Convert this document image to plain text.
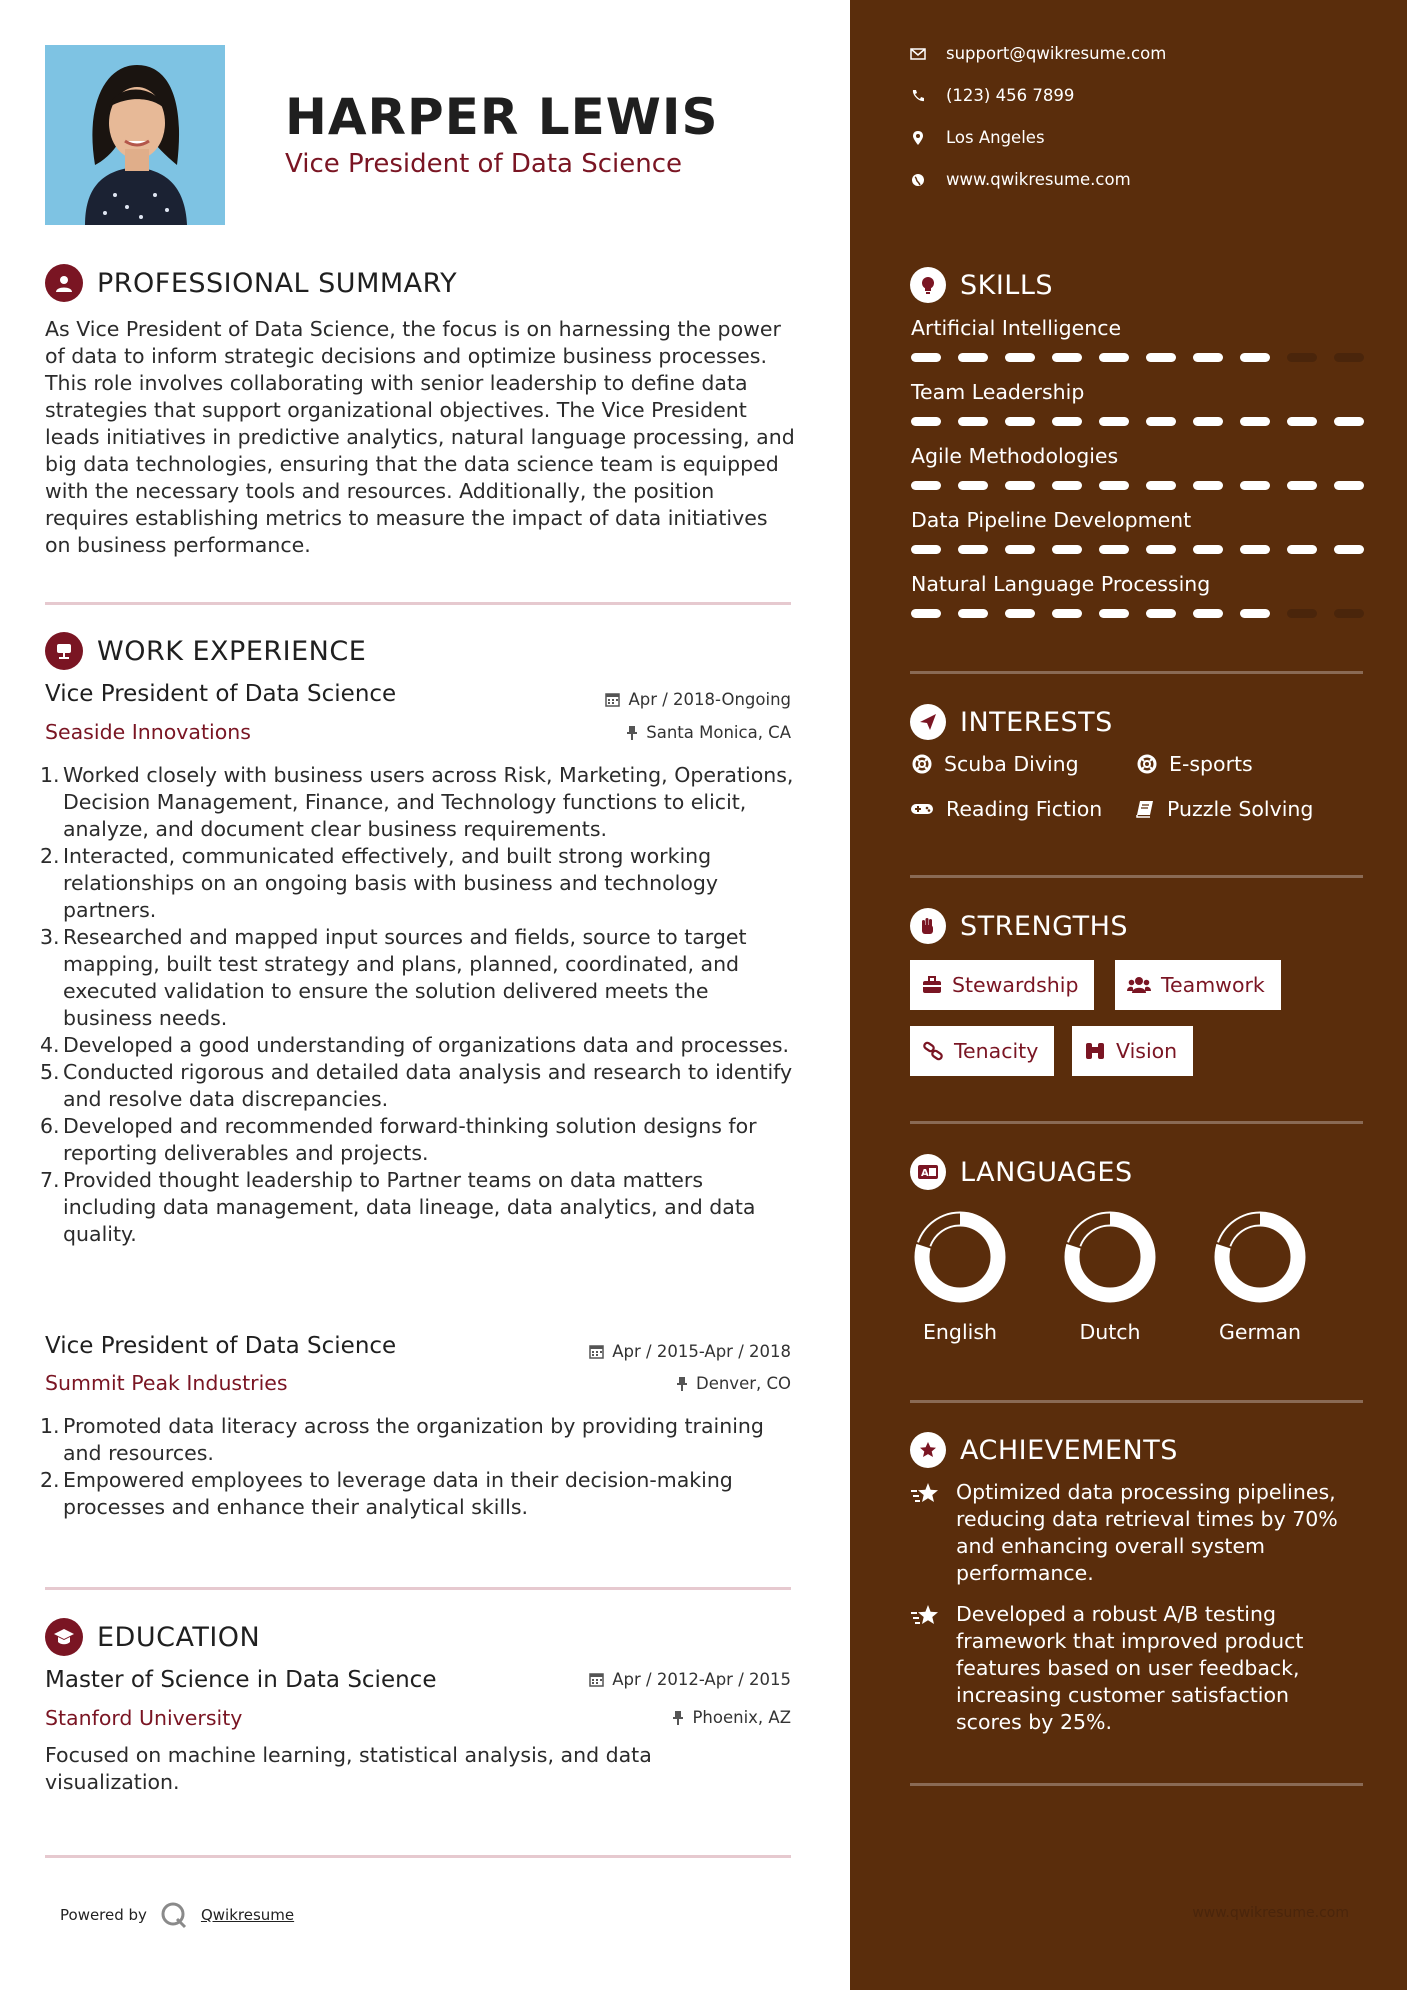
HARPER LEWIS
Vice President of Data Science
PROFESSIONAL SUMMARY
As Vice President of Data Science, the focus is on harnessing the power of data to inform strategic decisions and optimize business processes. This role involves collaborating with senior leadership to define data strategies that support organizational objectives. The Vice President leads initiatives in predictive analytics, natural language processing, and big data technologies, ensuring that the data science team is equipped with the necessary tools and resources. Additionally, the position requires establishing metrics to measure the impact of data initiatives on business performance.
WORK EXPERIENCE
Vice President of Data Science	Apr / 2018-Ongoing
Seaside Innovations	Santa Monica, CA
1. Worked closely with business users across Risk, Marketing, Operations, Decision Management, Finance, and Technology functions to elicit, analyze, and document clear business requirements.
2. Interacted, communicated effectively, and built strong working relationships on an ongoing basis with business and technology partners.
3. Researched and mapped input sources and fields, source to target mapping, built test strategy and plans, planned, coordinated, and executed validation to ensure the solution delivered meets the business needs.
4. Developed a good understanding of organizations data and processes.
5. Conducted rigorous and detailed data analysis and research to identify and resolve data discrepancies.
6. Developed and recommended forward-thinking solution designs for reporting deliverables and projects.
7. Provided thought leadership to Partner teams on data matters including data management, data lineage, data analytics, and data quality.
Vice President of Data Science	Apr / 2015-Apr / 2018
Summit Peak Industries	Denver, CO
1. Promoted data literacy across the organization by providing training and resources.
2. Empowered employees to leverage data in their decision-making processes and enhance their analytical skills.
EDUCATION
Master of Science in Data Science	Apr / 2012-Apr / 2015
Stanford University	Phoenix, AZ
Focused on machine learning, statistical analysis, and data visualization.
Powered by	Qwikresume
support@qwikresume.com
(123) 456 7899
Los Angeles
www.qwikresume.com
SKILLS
Artificial Intelligence
Team Leadership
Agile Methodologies
Data Pipeline Development
Natural Language Processing
INTERESTS
Scuba Diving	E-sports
Reading Fiction	Puzzle Solving
STRENGTHS
Stewardship	Teamwork
Tenacity	Vision
A LANGUAGES
English	Dutch	German
ACHIEVEMENTS
Optimized data processing pipelines, reducing data retrieval times by 70% and enhancing overall system performance.
Developed a robust A/B testing framework that improved product features based on user feedback, increasing customer satisfaction scores by 25%.
www.qwikresume.com
